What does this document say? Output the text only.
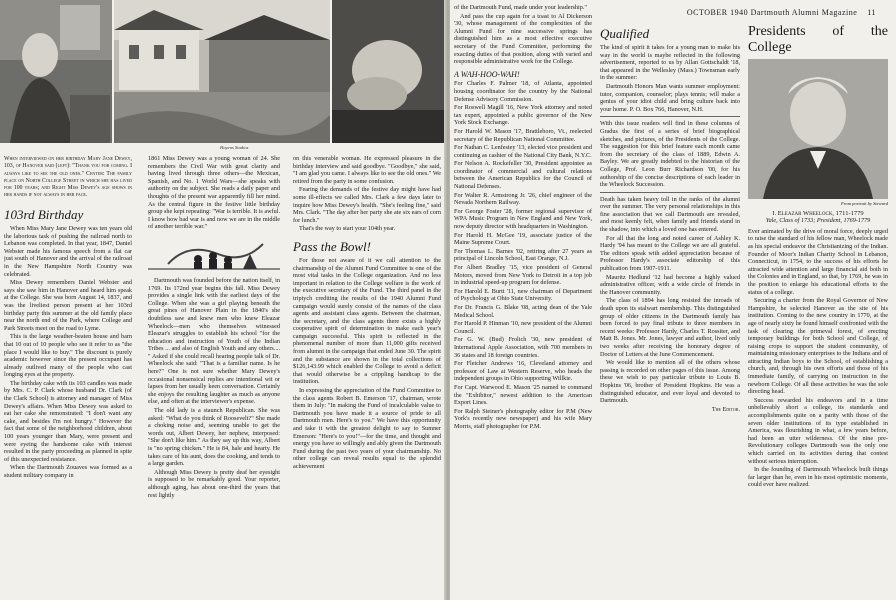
Hayens Studios
When interviewed on her birthday Mary Jane Dewey, 103, of Hanover said (left): "Thank you for coming. I always like to see the old ones." Center: The family place on North College Street in which she has lived for 100 years; and Right Miss Dewey's age shows in her hands if not always in her face.
103rd Birthday

When Miss Mary Jane Dewey was ten years old the laborious task of pushing the railroad north to Lebanon was completed. In that year, 1847, Daniel Webster made his famous speech from a flat car just south of Hanover and the arrival of the railroad in the New Hampshire North Country was celebrated.

Miss Dewey remembers Daniel Webster and says she saw him in Hanover and heard him speak at the College. She was born August 14, 1837, and was the liveliest person present at her 103rd birthday party this summer at the old family place near the north end of the Park, where College and Park Streets meet on the road to Lyme.

This is the large weather-beaten house and barn that 10 out of 10 people who see it refer to as "the place I would like to buy." The discount is purely academic however since the present occupant has already outlived many of the people who cast longing eyes at the property.

The birthday cake with its 103 candles was made by Mrs. C. P. Clark whose husband Dr. Clark (of the Clark School) is attorney and manager of Miss Dewey's affairs. When Miss Dewey was asked to eat her cake she remonstrated: "I don't want any cake, and besides I'm not hungry." However the fact that some of the neighborhood children, about 100 years younger than Mary, were present and were eyeing the handsome cake with interest resulted in the party proceeding as planned in spite of this unexpected resistance.

When the Dartmouth Zouaves was formed as a student military company in

1861 Miss Dewey was a young woman of 24. She remembers the Civil War with great clarity and having lived through three others—the Mexican, Spanish, and No. 1 World Wars—she speaks with authority on the subject. She reads a daily paper and thoughts of the present war apparently fill her mind. As the central figure in the festive little birthday group she kept repeating: "War is terrible. It is awful. I know how bad war is and now we are in the middle of another terrible war."

Dartmouth was founded before the nation itself, in 1769. Its 172nd year begins this fall. Miss Dewey provides a single link with the earliest days of the College. When she was a girl playing beneath the great pines of Hanover Plain in the 1840's she doubtless saw and knew men who knew Eleazar Wheelock—men who themselves witnessed Eleazar's struggles to establish his school "for the education and instruction of Youth of the Indian Tribes ... and also of English Youth and any others.... " Asked if she could recall hearing people talk of Dr. Wheelock she said: "That is a familiar name. Is he here?" One is not sure whether Mary Dewey's occasional nonsensical replies are intentional wit or lapses from her usually keen conversation. Certainly she enjoys the resulting laughter as much as anyone else, and often at the interviewer's expense.

The old lady is a staunch Republican. She was asked: "What do you think of Roosevelt?" She made a choking noise and, seeming unable to get the words out, Albert Dewey, her nephew, interposed: "She don't like him." As they say up this way, Albert is "no spring chicken." He is 84, hale and hearty. He takes care of his aunt, does the cooking, and tends to a large garden.

Although Miss Dewey is pretty deaf her eyesight is supposed to be remarkably good. Your reporter, although aging, has about one-third the years that rest lightly

on this venerable woman. He expressed pleasure in the birthday interview and said goodbye. "Goodbye," she said, "I am glad you came. I always like to see the old ones." We retired from the party in some confusion.

Fearing the demands of the festive day might have had some ill-effects we called Mrs. Clark a few days later to inquire how Miss Dewey's health. "She's feeling fine," said Mrs. Clark. "The day after her party she ate six ears of corn for lunch."

That's the way to start your 104th year.

Pass the Bowl!

For those not aware of it we call attention to the chairmanship of the Alumni Fund Committee is one of the most vital tasks in the College organization. And no less important in relation to the College welfare is the work of the executive secretary of the Fund. The third panel in the triptych crediting the results of the 1940 Alumni Fund campaign would surely consist of the names of the class agents and assistant class agents. Between the chairman, the secretary, and the class agents there exists a highly cooperative spirit of determination to make each year's campaign successful. This spirit is reflected in the phenomenal number of more than 11,000 gifts received from alumni in the campaign that ended June 30. The spirit and the substance are shown in the total collections of $126,143.99 which enabled the College to avoid a deficit that would otherwise be a crippling handicap to the institution.

In expressing the appreciation of the Fund Committee to the class agents Robert B. Emerson '17, chairman, wrote them in July: "In making the Fund of incalculable value to Dartmouth you have made it a source of pride to all Dartmouth men. Here's to you." We have this opportunity and take it with the greatest delight to say to Sumner Emerson: "Here's to you!"—for the time, and thought and energy you have so willingly and ably given the Dartmouth Fund during the past two years of your chairmanship. No other college can reveal results equal to the splendid achievement

OCTOBER 1940 Dartmouth Alumni Magazine 11

of the Dartmouth Fund, made under your leadership."

And pass the cup again for a toast to Al Dickerson '30, whose management of the complexities of the Alumni Fund for nine successive springs has distinguished him as a most effective executive secretary of the Fund Committee, performing the exacting duties of that position, along with varied and responsible administrative work for the College.

A WAH-HOO-WAH!

For Charles F. Palmer '18, of Atlanta, appointed housing coordinator for the country by the National Defense Advisory Commission.

For Roswell Magill '16, New York attorney and noted tax expert, appointed a public governor of the New York Stock Exchange.

For Harold W. Mason '17, Brattleboro, Vt., reelected secretary of the Republican National Committee.

For Nathan C. Lenfestey '13, elected vice president and continuing as cashier of the National City Bank, N.Y.C.

For Nelson A. Rockefeller '30, President appointee as coordinator of commercial and cultural relations between the American Republics for the Council of National Defenses.

For Walter R. Armstrong Jr. '26, chief engineer of the Nevada Northern Railway.

For George Foster '28, former regional supervisor of WPA Music Program in New England and New York, now deputy director with headquarters in Washington.

For Harold H. McGee '19, associate justice of the Maine Supreme Court.

For Thomas L. Barnes '02, retiring after 27 years as principal of Lincoln School, East Orange, N.J.

For Albert Bradley '15, vice president of General Motors, moved from New York to Detroit in a top job in industrial speed-up program for defense.

For Harold E. Burtt '11, new chairman of Department of Psychology at Ohio State University.

For Dr. Francis G. Blake '08, acting dean of the Yale Medical School.

For Harold P. Hinman '10, new president of the Alumni Council.

For G. W. (Bud) Frolich '30, new president of International Apple Association, with 700 members in 36 states and 18 foreign countries.

For Fletcher Andrews '16, Cleveland attorney and professor of Law at Western Reserve, who heads the independent groups in Ohio supporting Willkie.

For Capt. Warwood E. Mason '25 named to command the "Exhibitor," newest addition to the American Export Lines.

For Ralph Steiner's photography editor for P.M (New York's recently new newspaper) and his wife Mary Morris, staff photographer for P.M.

Qualified

The kind of spirit it takes for a young man to make his way in the world is maybe reflected in the following advertisement, reported to us by Allan Gottschaldt '18, that appeared in the Wellesley (Mass.) Townsman early in the summer:

Dartmouth Honors Man wants summer employment: tutor, companion, counselor; plays tennis; will make a genius of your idiot child and bring culture back into your home. P. O. Box 766, Hanover, N.H.

With this issue readers will find in these columns of Gradus the first of a series of brief biographical sketches, and pictures, of the Presidents of the College. The suggestion for this brief feature each month came from the secretary of the class of 1889, Edwin A. Bayley. We are greatly indebted to the historian of the College, Prof. Leon Burr Richardson '00, for his authorship of the concise descriptions of each leader in the Wheelock Succession.

Death has taken heavy toll in the ranks of the alumni over the summer. The very personal relationships in this fine association that we call Dartmouth are revealed, and most keenly felt, when family and friends stand in the shadow, into which a loved one has entered.

For all that the long and noted career of Ashley K. Hardy '94 has meant to the College we are all grateful. The editors speak with added appreciation because of Professor Hardy's associate editorship of this publication from 1907-1911.

Mauritz Hedlund '12 had become a highly valued administrative officer, with a wide circle of friends in the Hanover community.

The class of 1894 has long resisted the inroads of death upon its stalwart membership. This distinguished group of older citizens in the Dartmouth family has been forced to pay final tribute to three members in recent weeks: Professor Hardy, Charles T. Rossiter, and Matt B. Jones. Mr. Jones, lawyer and author, lived only two weeks after receiving the honorary degree of Doctor of Letters at the June Commencement.

We would like to mention all of the others whose passing is recorded on other pages of this issue. Among these we wish to pay particular tribute to Louis B. Hopkins '06, brother of President Hopkins. He was a distinguished educator, and ever loyal and devoted to Dartmouth.

The Editor.
Presidents of the College
From portrait by Steward
I. Eleazar Wheelock, 1711-1779
Yale, Class of 1733; President, 1769-1779

Ever animated by the drive of moral force, deeply urged to raise the standard of his fellow man, Wheelock made as his special endeavor the Christianizing of the Indian. Founder of Moor's Indian Charity School in Lebanon, Connecticut, in 1754, to the success of his efforts he attracted wide attention and large financial aid both in the Colonies and in England, so that, by 1769, he was in the position to enlarge his educational efforts to the status of a college.

Securing a charter from the Royal Governor of New Hampshire, he selected Hanover as the site of his institution. Coming to the new country in 1770, at the age of nearly sixty he found himself confronted with the task of clearing the primeval forest, of erecting temporary buildings for both School and College, of raising crops to support the student community, of maintaining missionary enterprises to the Indians and of attracting Indian boys to the School, of establishing a church, and, through his own efforts and those of his immediate family, of carrying on instruction in the newborn College. Of all these activities he was the sole directing head.

Success rewarded his endeavors and in a time unbelievably short a college, its standards and accomplishments quite on a parity with those of the seven older institutions of its type established in America, was flourishing in what, a few years before, had been an utter wilderness. Of the nine pre-Revolutionary colleges Dartmouth was the only one which carried on its activities during that contest without serious interruption.

In the founding of Dartmouth Wheelock built things far larger than he, even in his most optimistic moments, could ever have realized.
